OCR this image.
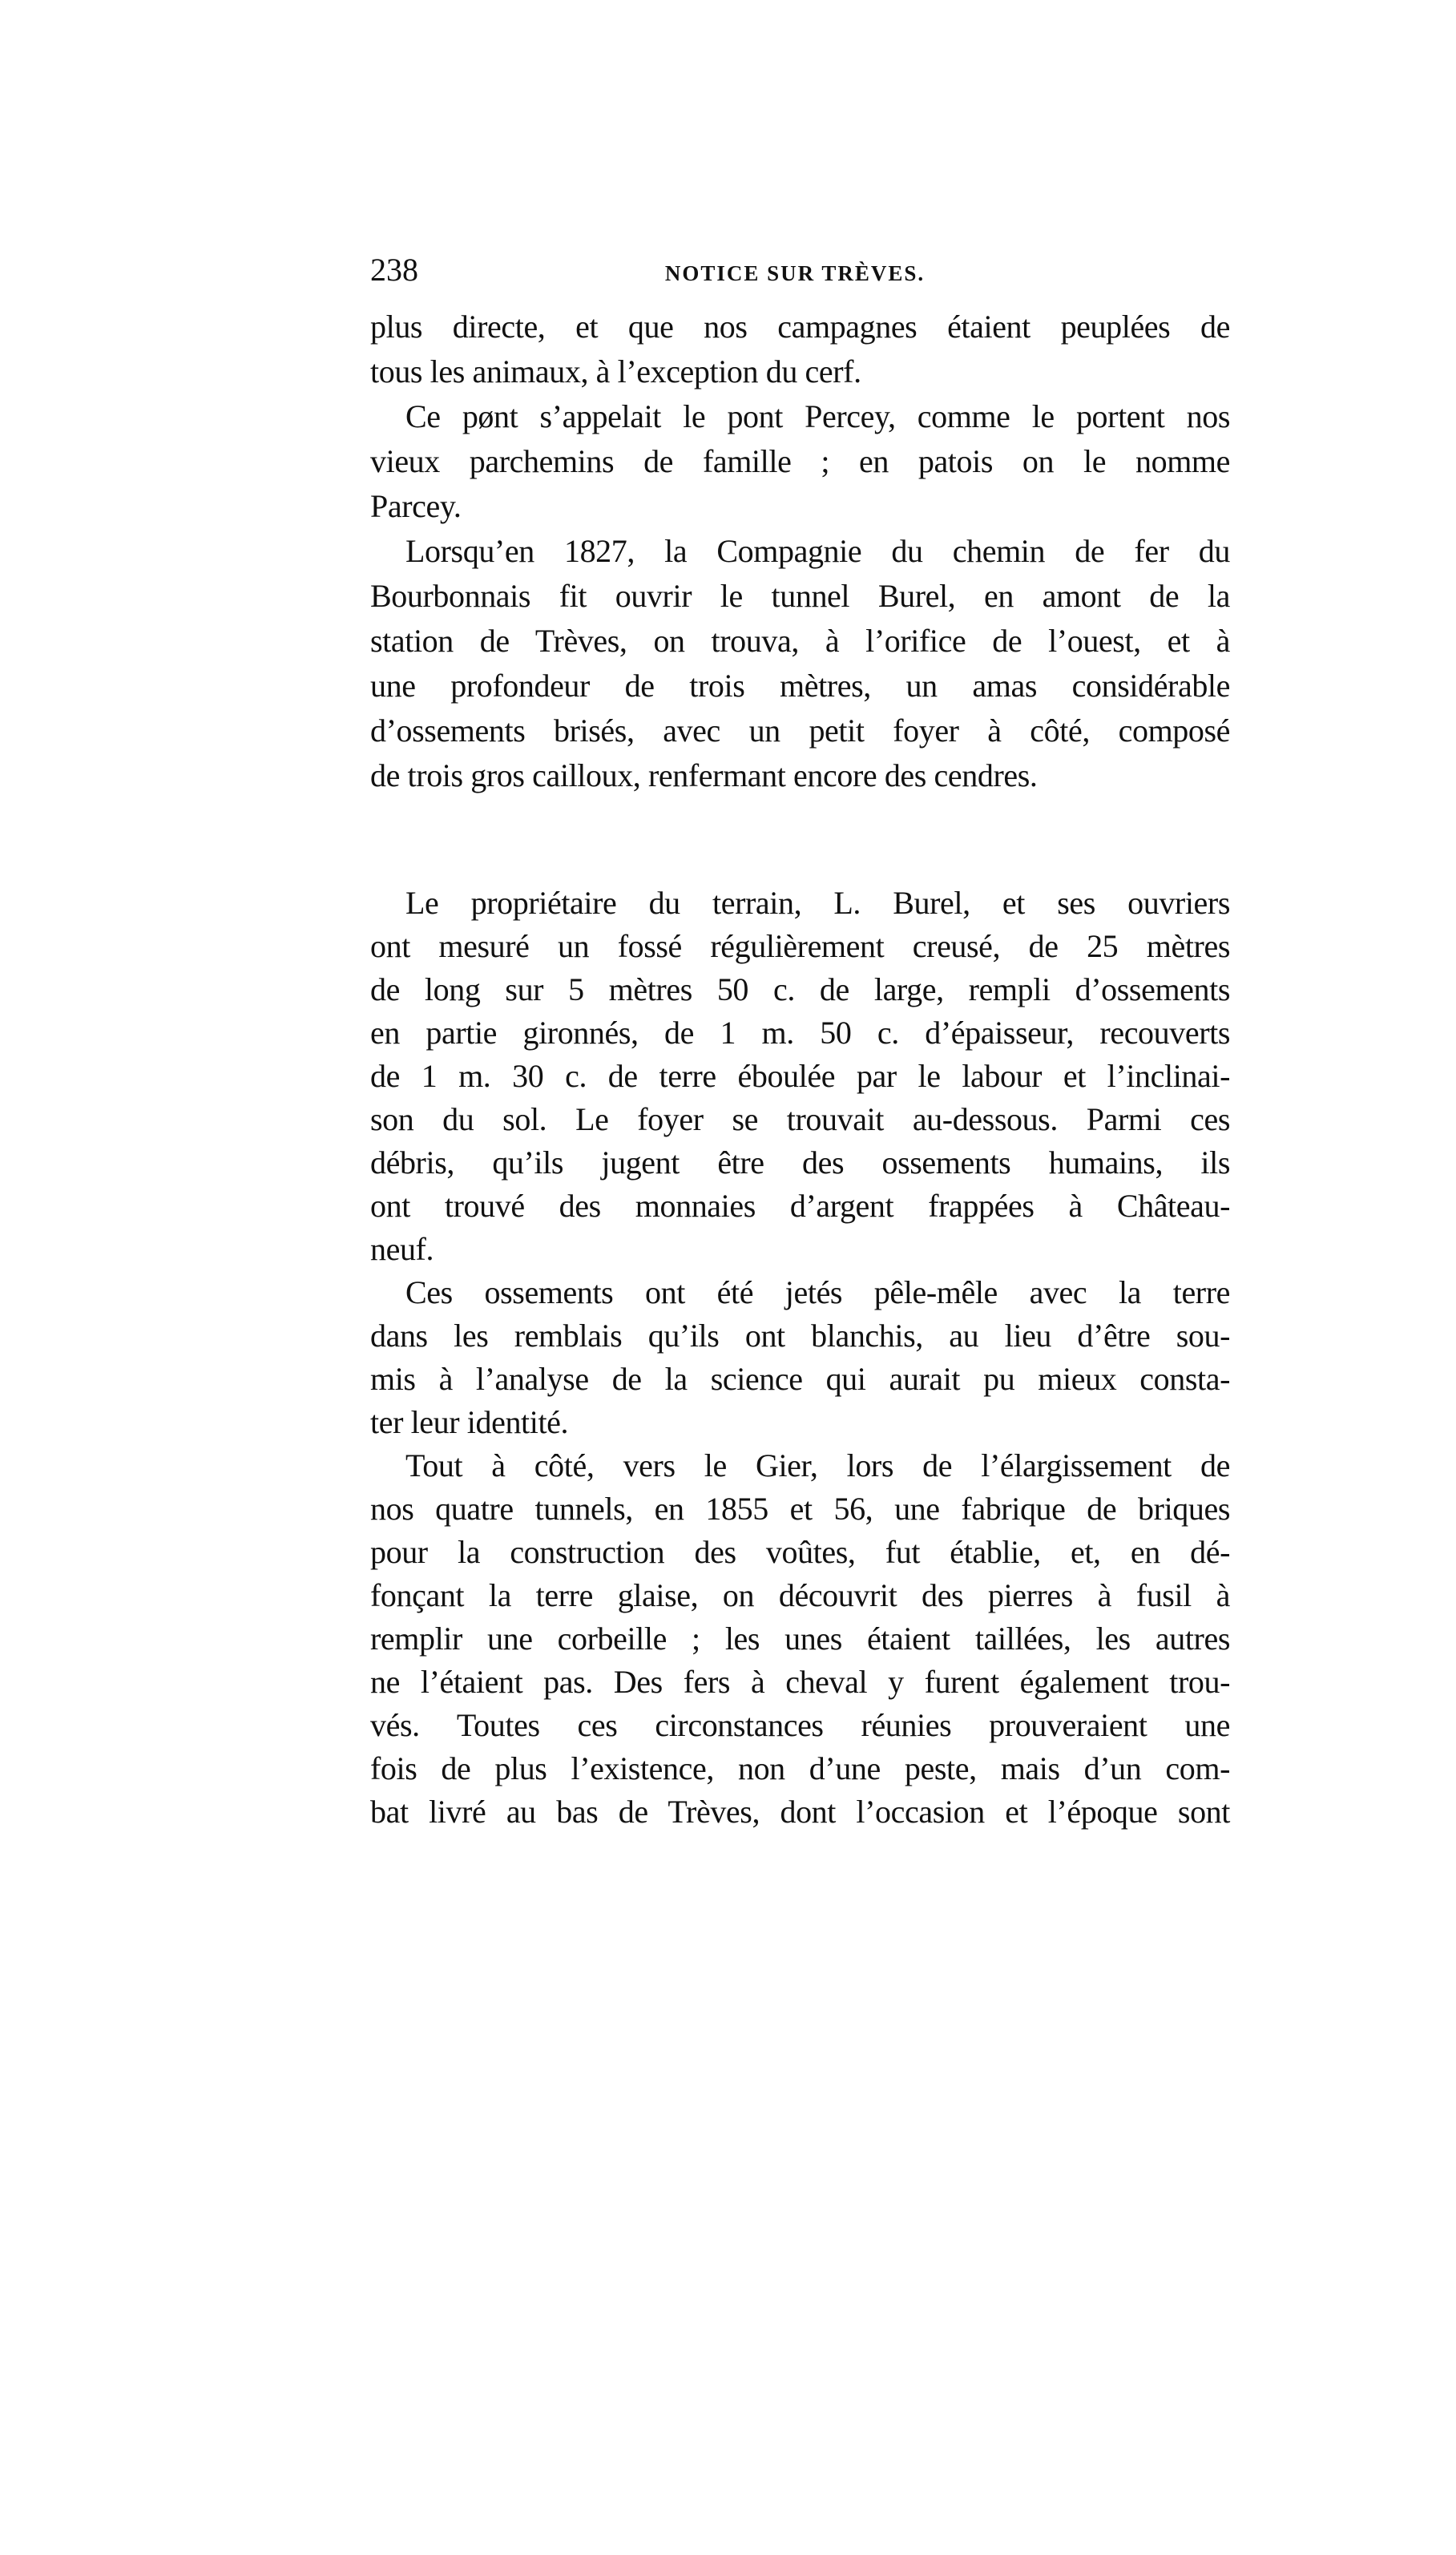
238	NOTICE SUR TRÈVES.
plus directe, et que nos campagnes étaient peuplées de
tous les animaux, à l’exception du cerf.
Ce pønt s’appelait le pont Percey, comme le portent nos
vieux parchemins de famille ; en patois on le nomme
Parcey.
Lorsqu’en 1827, la Compagnie du chemin de fer du
Bourbonnais fit ouvrir le tunnel Burel, en amont de la
station de Trèves, on trouva, à l’orifice de l’ouest, et à
une profondeur de trois mètres, un amas considérable
d’ossements brisés, avec un petit foyer à côté, composé
de trois gros cailloux, renfermant encore des cendres.
Le propriétaire du terrain, L. Burel, et ses ouvriers
ont mesuré un fossé régulièrement creusé, de 25 mètres
de long sur 5 mètres 50 c. de large, rempli d’ossements
en partie gironnés, de 1 m. 50 c. d’épaisseur, recouverts
de 1 m. 30 c. de terre éboulée par le labour et l’inclinai-
son du sol. Le foyer se trouvait au-dessous. Parmi ces
débris, qu’ils jugent être des ossements humains, ils
ont trouvé des monnaies d’argent frappées à Château-
neuf.
Ces ossements ont été jetés pêle-mêle avec la terre
dans les remblais qu’ils ont blanchis, au lieu d’être sou-
mis à l’analyse de la science qui aurait pu mieux consta-
ter leur identité.
Tout à côté, vers le Gier, lors de l’élargissement de
nos quatre tunnels, en 1855 et 56, une fabrique de briques
pour la construction des voûtes, fut établie, et, en dé-
fonçant la terre glaise, on découvrit des pierres à fusil à
remplir une corbeille ; les unes étaient taillées, les autres
ne l’étaient pas. Des fers à cheval y furent également trou-
vés. Toutes ces circonstances réunies prouveraient une
fois de plus l’existence, non d’une peste, mais d’un com-
bat livré au bas de Trèves, dont l’occasion et l’époque sont
